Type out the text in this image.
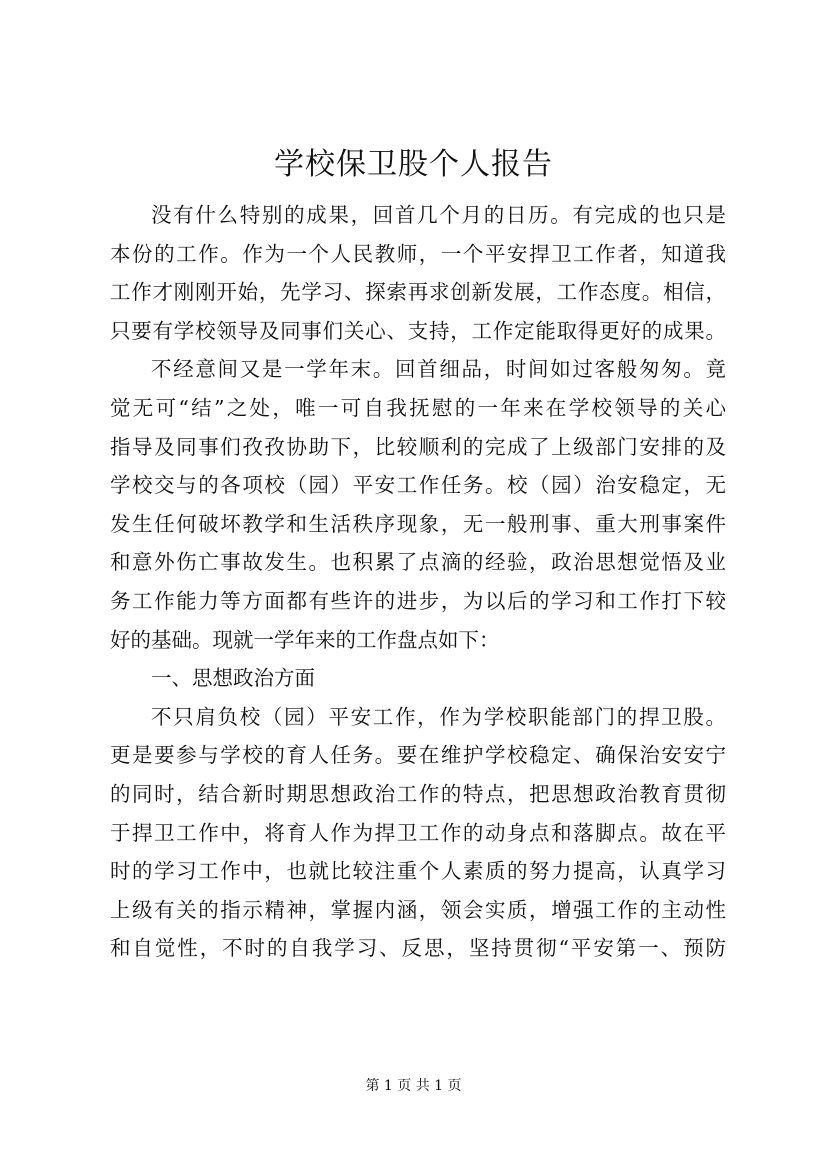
学校保卫股个人报告
没有什么特别的成果，回首几个月的日历。有完成的也只是
本份的工作。作为一个人民教师，一个平安捍卫工作者，知道我
工作才刚刚开始，先学习、探索再求创新发展，工作态度。相信，
只要有学校领导及同事们关心、支持，工作定能取得更好的成果。
不经意间又是一学年末。回首细品，时间如过客般匆匆。竟
觉无可“结”之处，唯一可自我抚慰的一年来在学校领导的关心
指导及同事们孜孜协助下，比较顺利的完成了上级部门安排的及
学校交与的各项校（园）平安工作任务。校（园）治安稳定，无
发生任何破坏教学和生活秩序现象，无一般刑事、重大刑事案件
和意外伤亡事故发生。也积累了点滴的经验，政治思想觉悟及业
务工作能力等方面都有些许的进步，为以后的学习和工作打下较
好的基础。现就一学年来的工作盘点如下：
一、思想政治方面
不只肩负校（园）平安工作，作为学校职能部门的捍卫股。
更是要参与学校的育人任务。要在维护学校稳定、确保治安安宁
的同时，结合新时期思想政治工作的特点，把思想政治教育贯彻
于捍卫工作中，将育人作为捍卫工作的动身点和落脚点。故在平
时的学习工作中，也就比较注重个人素质的努力提高，认真学习
上级有关的指示精神，掌握内涵，领会实质，增强工作的主动性
和自觉性，不时的自我学习、反思，坚持贯彻“平安第一、预防
第 1 页 共 1 页
